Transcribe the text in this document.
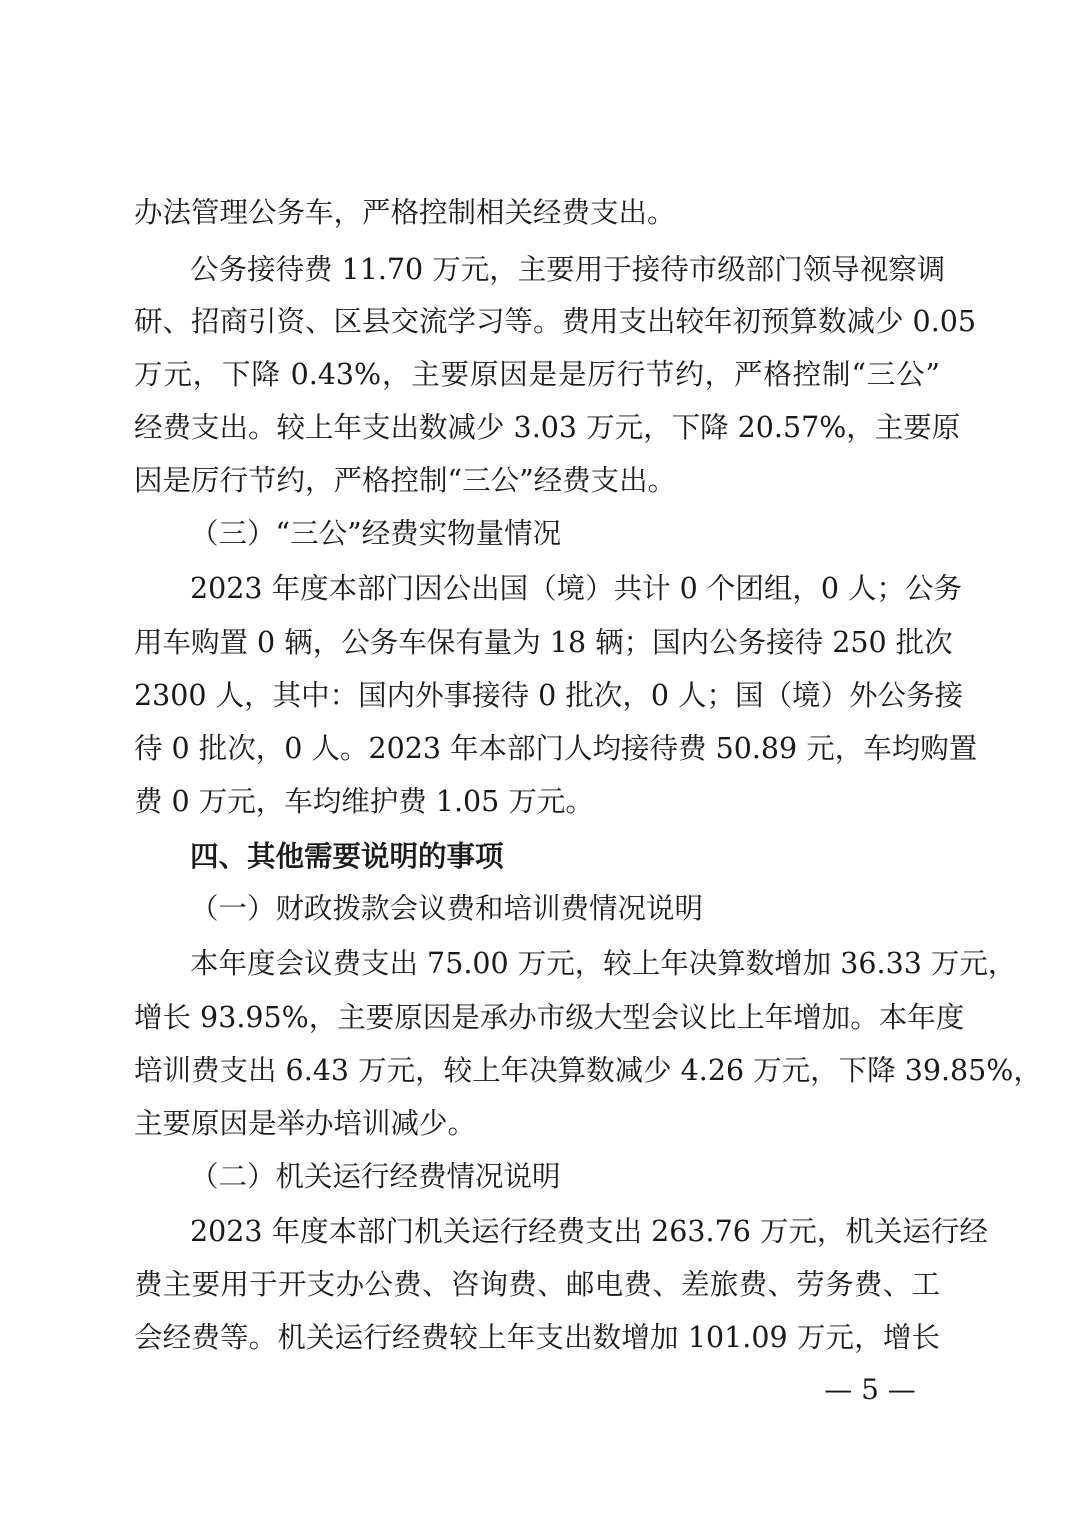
办法管理公务车，严格控制相关经费支出。
公务接待费 11.70 万元，主要用于接待市级部门领导视察调
研、招商引资、区县交流学习等。费用支出较年初预算数减少 0.05
万元，下降 0.43%，主要原因是是厉行节约，严格控制“三公”
经费支出。较上年支出数减少 3.03 万元，下降 20.57%，主要原
因是厉行节约，严格控制“三公”经费支出。
（三）“三公”经费实物量情况
2023 年度本部门因公出国（境）共计 0 个团组，0 人；公务
用车购置 0 辆，公务车保有量为 18 辆；国内公务接待 250 批次
2300 人，其中：国内外事接待 0 批次，0 人；国（境）外公务接
待 0 批次，0 人。2023 年本部门人均接待费 50.89 元，车均购置
费 0 万元，车均维护费 1.05 万元。
四、其他需要说明的事项
（一）财政拨款会议费和培训费情况说明
本年度会议费支出 75.00 万元，较上年决算数增加 36.33 万元，
增长 93.95%，主要原因是承办市级大型会议比上年增加。本年度
培训费支出 6.43 万元，较上年决算数减少 4.26 万元，下降 39.85%，
主要原因是举办培训减少。
（二）机关运行经费情况说明
2023 年度本部门机关运行经费支出 263.76 万元，机关运行经
费主要用于开支办公费、咨询费、邮电费、差旅费、劳务费、工
会经费等。机关运行经费较上年支出数增加 101.09 万元，增长
— 5 —
